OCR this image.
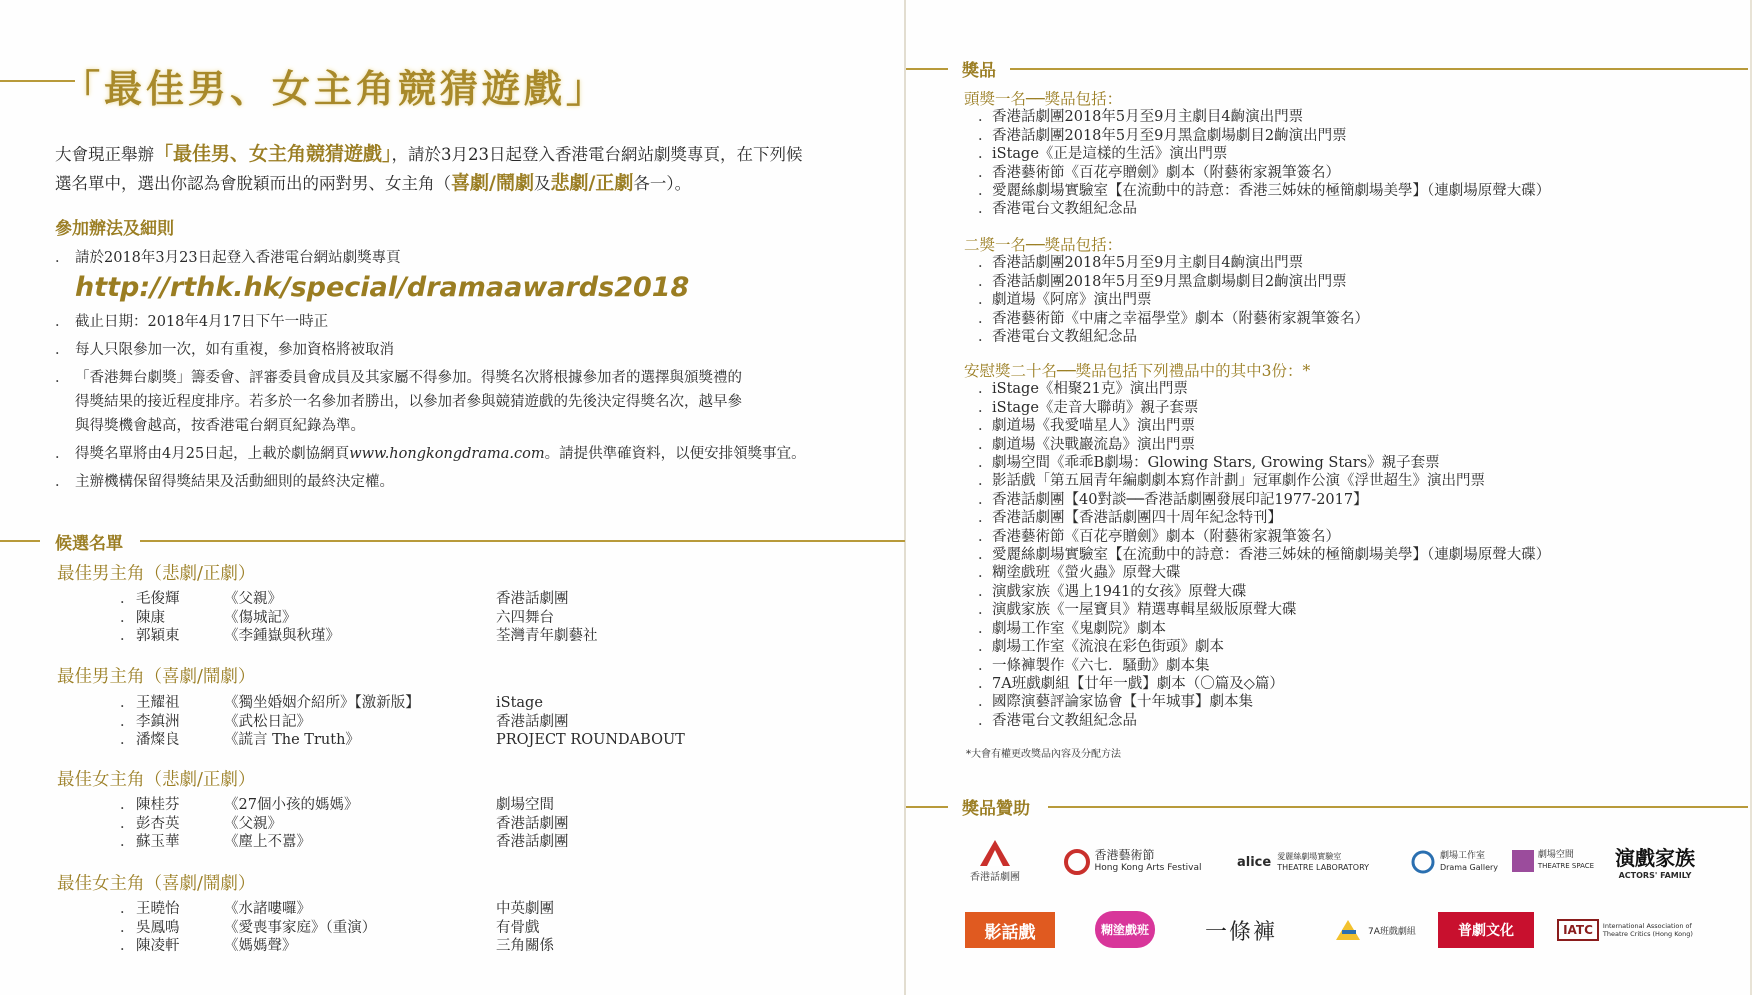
「最佳男、女主角競猜遊戲」
大會現正舉辦「最佳男、女主角競猜遊戲」，請於3月23日起登入香港電台網站劇獎專頁，在下列候
選名單中，選出你認為會脫穎而出的兩對男、女主角（喜劇/鬧劇及悲劇/正劇各一）。
參加辦法及細則
． 請於2018年3月23日起登入香港電台網站劇獎專頁
http://rthk.hk/special/dramaawards2018
． 截止日期：2018年4月17日下午一時正
． 每人只限參加一次，如有重複，參加資格將被取消
． 「香港舞台劇獎」籌委會、評審委員會成員及其家屬不得參加。得獎名次將根據參加者的選擇與頒獎禮的
得獎結果的接近程度排序。若多於一名參加者勝出，以參加者參與競猜遊戲的先後決定得獎名次，越早參
與得獎機會越高，按香港電台網頁紀錄為準。
． 得獎名單將由4月25日起，上載於劇協網頁www.hongkongdrama.com。請提供準確資料，以便安排領獎事宜。
． 主辦機構保留得獎結果及活動細則的最終決定權。
候選名單
最佳男主角（悲劇/正劇）
． 毛俊輝	《父親》	香港話劇團
． 陳康	《傷城記》	六四舞台
． 郭穎東	《李鍾嶽與秋瑾》	荃灣青年劇藝社
最佳男主角（喜劇/鬧劇）
． 王耀祖	《獨坐婚姻介紹所》【激新版】	iStage
． 李鎮洲	《武松日記》	香港話劇團
． 潘燦良	《謊言 The Truth》	PROJECT ROUNDABOUT
最佳女主角（悲劇/正劇）
． 陳桂芬	《27個小孩的媽媽》	劇場空間
． 彭杏英	《父親》	香港話劇團
． 蘇玉華	《塵上不囂》	香港話劇團
最佳女主角（喜劇/鬧劇）
． 王曉怡	《水諸嘍囉》	中英劇團
． 吳鳳鳴	《愛喪事家庭》（重演）	有骨戲
． 陳凌軒	《媽媽聲》	三角關係
獎品
頭獎一名──獎品包括：
． 香港話劇團2018年5月至9月主劇目4齣演出門票
． 香港話劇團2018年5月至9月黑盒劇場劇目2齣演出門票
． iStage《正是這樣的生活》演出門票
． 香港藝術節《百花亭贈劍》劇本（附藝術家親筆簽名）
． 愛麗絲劇場實驗室【在流動中的詩意：香港三姊妹的極簡劇場美學】（連劇場原聲大碟）
． 香港電台文教組紀念品
二獎一名──獎品包括：
． 香港話劇團2018年5月至9月主劇目4齣演出門票
． 香港話劇團2018年5月至9月黑盒劇場劇目2齣演出門票
． 劇道場《阿席》演出門票
． 香港藝術節《中庸之幸福學堂》劇本（附藝術家親筆簽名）
． 香港電台文教組紀念品
安慰獎二十名──獎品包括下列禮品中的其中3份：*
． iStage《相聚21克》演出門票
． iStage《走音大聯萌》親子套票
． 劇道場《我愛喵星人》演出門票
． 劇道場《決戰巖流島》演出門票
． 劇場空間《乖乖B劇場：Glowing Stars, Growing Stars》親子套票
． 影話戲「第五屆青年編劇劇本寫作計劃」冠軍劇作公演《浮世超生》演出門票
． 香港話劇團【40對談──香港話劇團發展印記1977-2017】
． 香港話劇團【香港話劇團四十周年紀念特刊】
． 香港藝術節《百花亭贈劍》劇本（附藝術家親筆簽名）
． 愛麗絲劇場實驗室【在流動中的詩意：香港三姊妹的極簡劇場美學】（連劇場原聲大碟）
． 糊塗戲班《螢火蟲》原聲大碟
． 演戲家族《遇上1941的女孩》原聲大碟
． 演戲家族《一屋寶貝》精選專輯星級版原聲大碟
． 劇場工作室《鬼劇院》劇本
． 劇場工作室《流浪在彩色街頭》劇本
． 一條褲製作《六七．騷動》劇本集
． 7A班戲劇組【廿年一戲】劇本（〇篇及◇篇）
． 國際演藝評論家協會【十年城事】劇本集
． 香港電台文教組紀念品
*大會有權更改獎品內容及分配方法
獎品贊助
香港話劇團
香港藝術節
Hong Kong Arts Festival	alice 愛麗絲劇場實驗室
THEATRE LABORATORY
劇場工作室
Drama Gallery
劇場空間
THEATRE SPACE 演戲家族
ACTORS' FAMILY
影話戲	糊塗戲班	一條褲	7A班戲劇組	普劇文化	IATC	International Association of Theatre Critics (Hong Kong)
